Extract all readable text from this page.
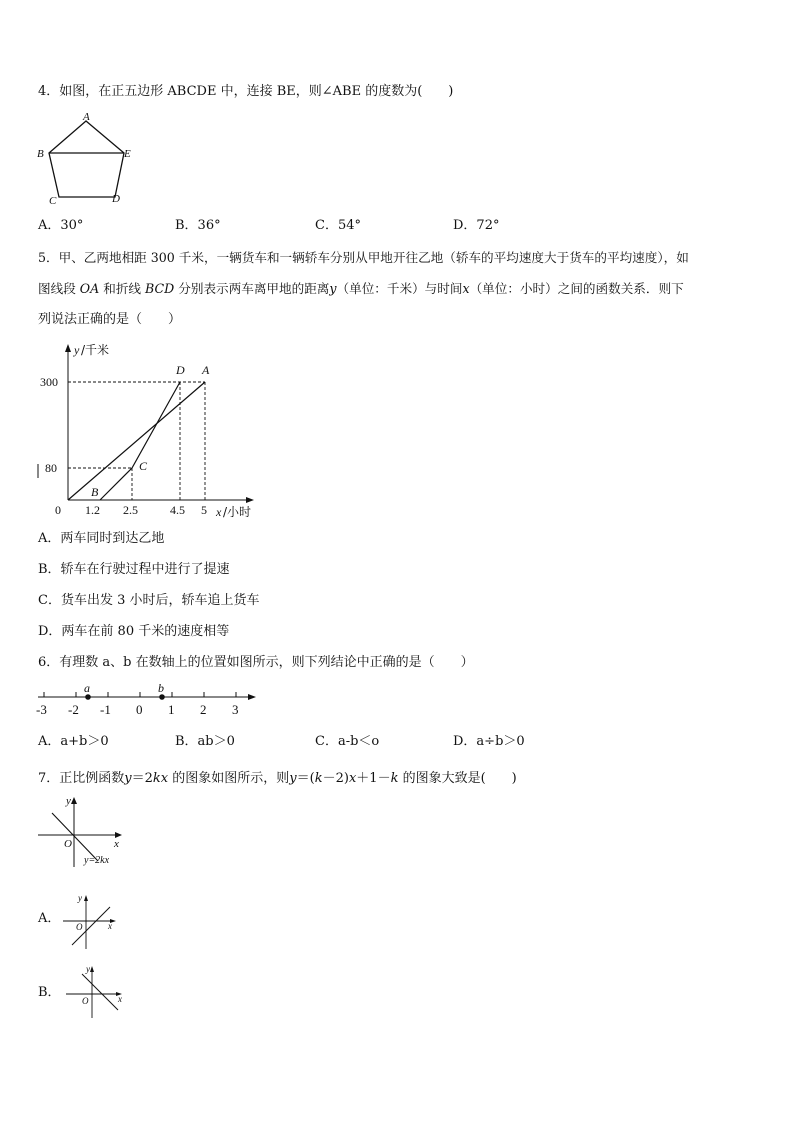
4．如图，在正五边形 ABCDE 中，连接 BE，则∠ABE 的度数为(　　)
A
B
C	D
E
A．30°	B．36°	C．54°	D．72°
5．甲、乙两地相距 300 千米，一辆货车和一辆轿车分别从甲地开往乙地（轿车的平均速度大于货车的平均速度），如
图线段 OA 和折线 BCD 分别表示两车离甲地的距离y（单位：千米）与时间x（单位：小时）之间的函数关系．则下
列说法正确的是（　　）
y /千米
x /小时
0
300
80
1.2 2.5	4.5 5
A
B
C
D
A．两车同时到达乙地
B．轿车在行驶过程中进行了提速
C．货车出发 3 小时后，轿车追上货车
D．两车在前 80 千米的速度相等
6．有理数 a、b 在数轴上的位置如图所示，则下列结论中正确的是（　　）
a	b
-3 -2 -1 0 1 2 3
A．a+b＞0	B．ab＞0	C．a-b＜o	D．a÷b＞0
7．正比例函数y＝2kx 的图象如图所示，则y＝(k－2)x＋1－k 的图象大致是(　　)
y
x
O
y=2kx
A．
y
x
O
B．
y
x
O
